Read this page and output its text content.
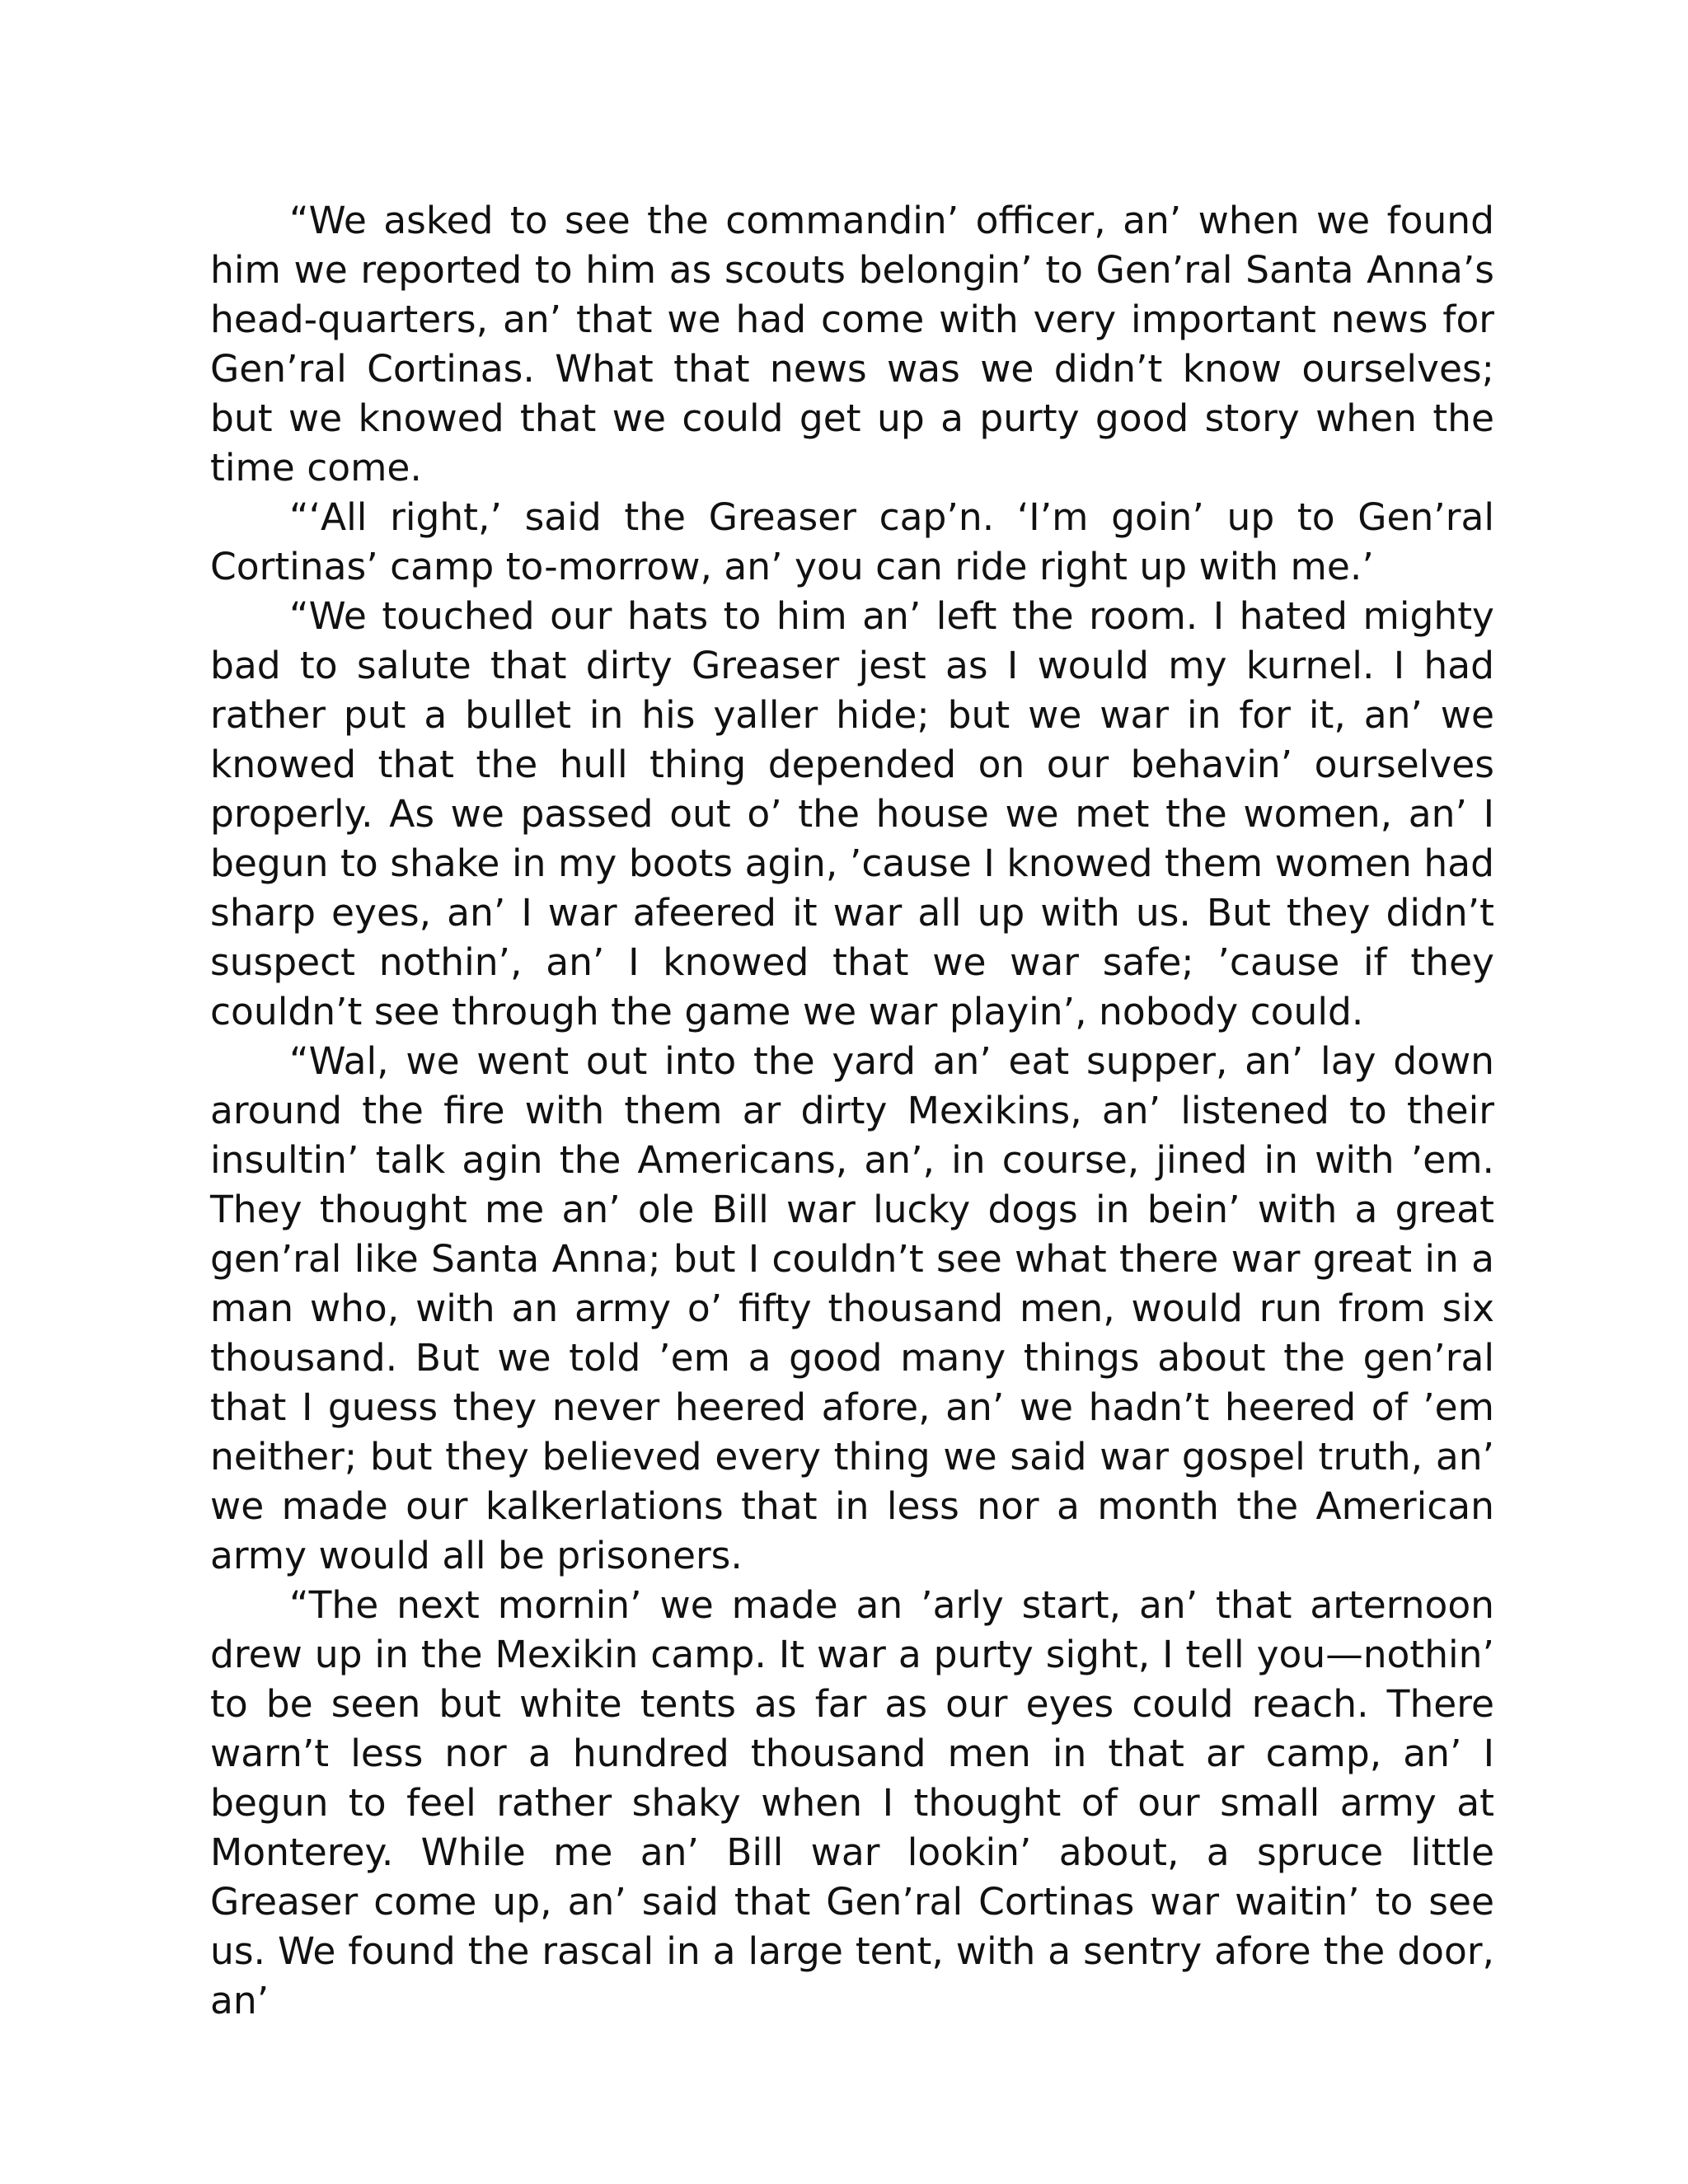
“We asked to see the commandin’ officer, an’ when we found him we reported to him as scouts belongin’ to Gen’ral Santa Anna’s head-quarters, an’ that we had come with very important news for Gen’ral Cortinas. What that news was we didn’t know ourselves; but we knowed that we could get up a purty good story when the time come.

“‘All right,’ said the Greaser cap’n. ‘I’m goin’ up to Gen’ral Cortinas’ camp to-morrow, an’ you can ride right up with me.’

“We touched our hats to him an’ left the room. I hated mighty bad to salute that dirty Greaser jest as I would my kurnel. I had rather put a bullet in his yaller hide; but we war in for it, an’ we knowed that the hull thing depended on our behavin’ ourselves properly. As we passed out o’ the house we met the women, an’ I begun to shake in my boots agin, ’cause I knowed them women had sharp eyes, an’ I war afeered it war all up with us. But they didn’t suspect nothin’, an’ I knowed that we war safe; ’cause if they couldn’t see through the game we war playin’, nobody could.

“Wal, we went out into the yard an’ eat supper, an’ lay down around the fire with them ar dirty Mexikins, an’ listened to their insultin’ talk agin the Americans, an’, in course, jined in with ’em. They thought me an’ ole Bill war lucky dogs in bein’ with a great gen’ral like Santa Anna; but I couldn’t see what there war great in a man who, with an army o’ fifty thousand men, would run from six thousand. But we told ’em a good many things about the gen’ral that I guess they never heered afore, an’ we hadn’t heered of ’em neither; but they believed every thing we said war gospel truth, an’ we made our kalkerlations that in less nor a month the American army would all be prisoners.

“The next mornin’ we made an ’arly start, an’ that arternoon drew up in the Mexikin camp. It war a purty sight, I tell you—nothin’ to be seen but white tents as far as our eyes could reach. There warn’t less nor a hundred thousand men in that ar camp, an’ I begun to feel rather shaky when I thought of our small army at Monterey. While me an’ Bill war lookin’ about, a spruce little Greaser come up, an’ said that Gen’ral Cortinas war waitin’ to see us. We found the rascal in a large tent, with a sentry afore the door, an’
